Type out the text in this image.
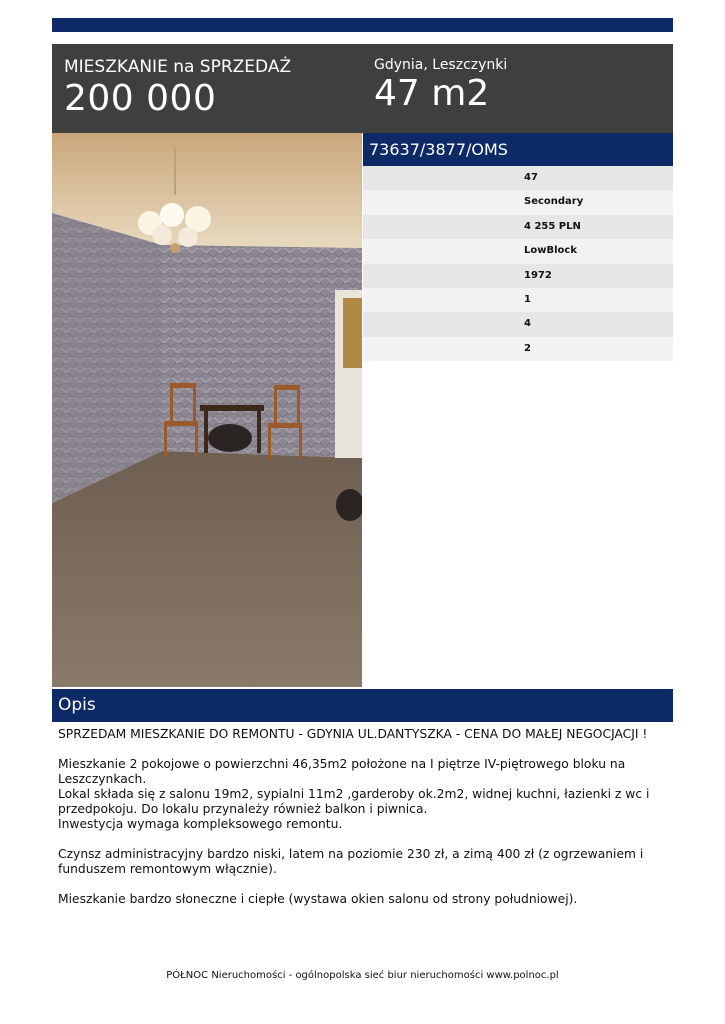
MIESZKANIE na SPRZEDAŻ
200 000
Gdynia, Leszczynki
47 m2
73637/3877/OMS
47
Secondary
4 255 PLN
LowBlock
1972
1
4
2
Opis

SPRZEDAM MIESZKANIE DO REMONTU - GDYNIA UL.DANTYSZKA - CENA DO MAŁEJ NEGOCJACJI !

Mieszkanie 2 pokojowe o powierzchni 46,35m2 położone na I piętrze IV-piętrowego bloku na Leszczynkach.

Lokal składa się z salonu 19m2, sypialni 11m2 ,garderoby ok.2m2, widnej kuchni, łazienki z wc i przedpokoju. Do lokalu przynależy również balkon i piwnica.

Inwestycja wymaga kompleksowego remontu.

Czynsz administracyjny bardzo niski, latem na poziomie 230 zł, a zimą 400 zł (z ogrzewaniem i funduszem remontowym włącznie).

Mieszkanie bardzo słoneczne i ciepłe (wystawa okien salonu od strony południowej).

PÓŁNOC Nieruchomości - ogólnopolska sieć biur nieruchomości www.polnoc.pl
